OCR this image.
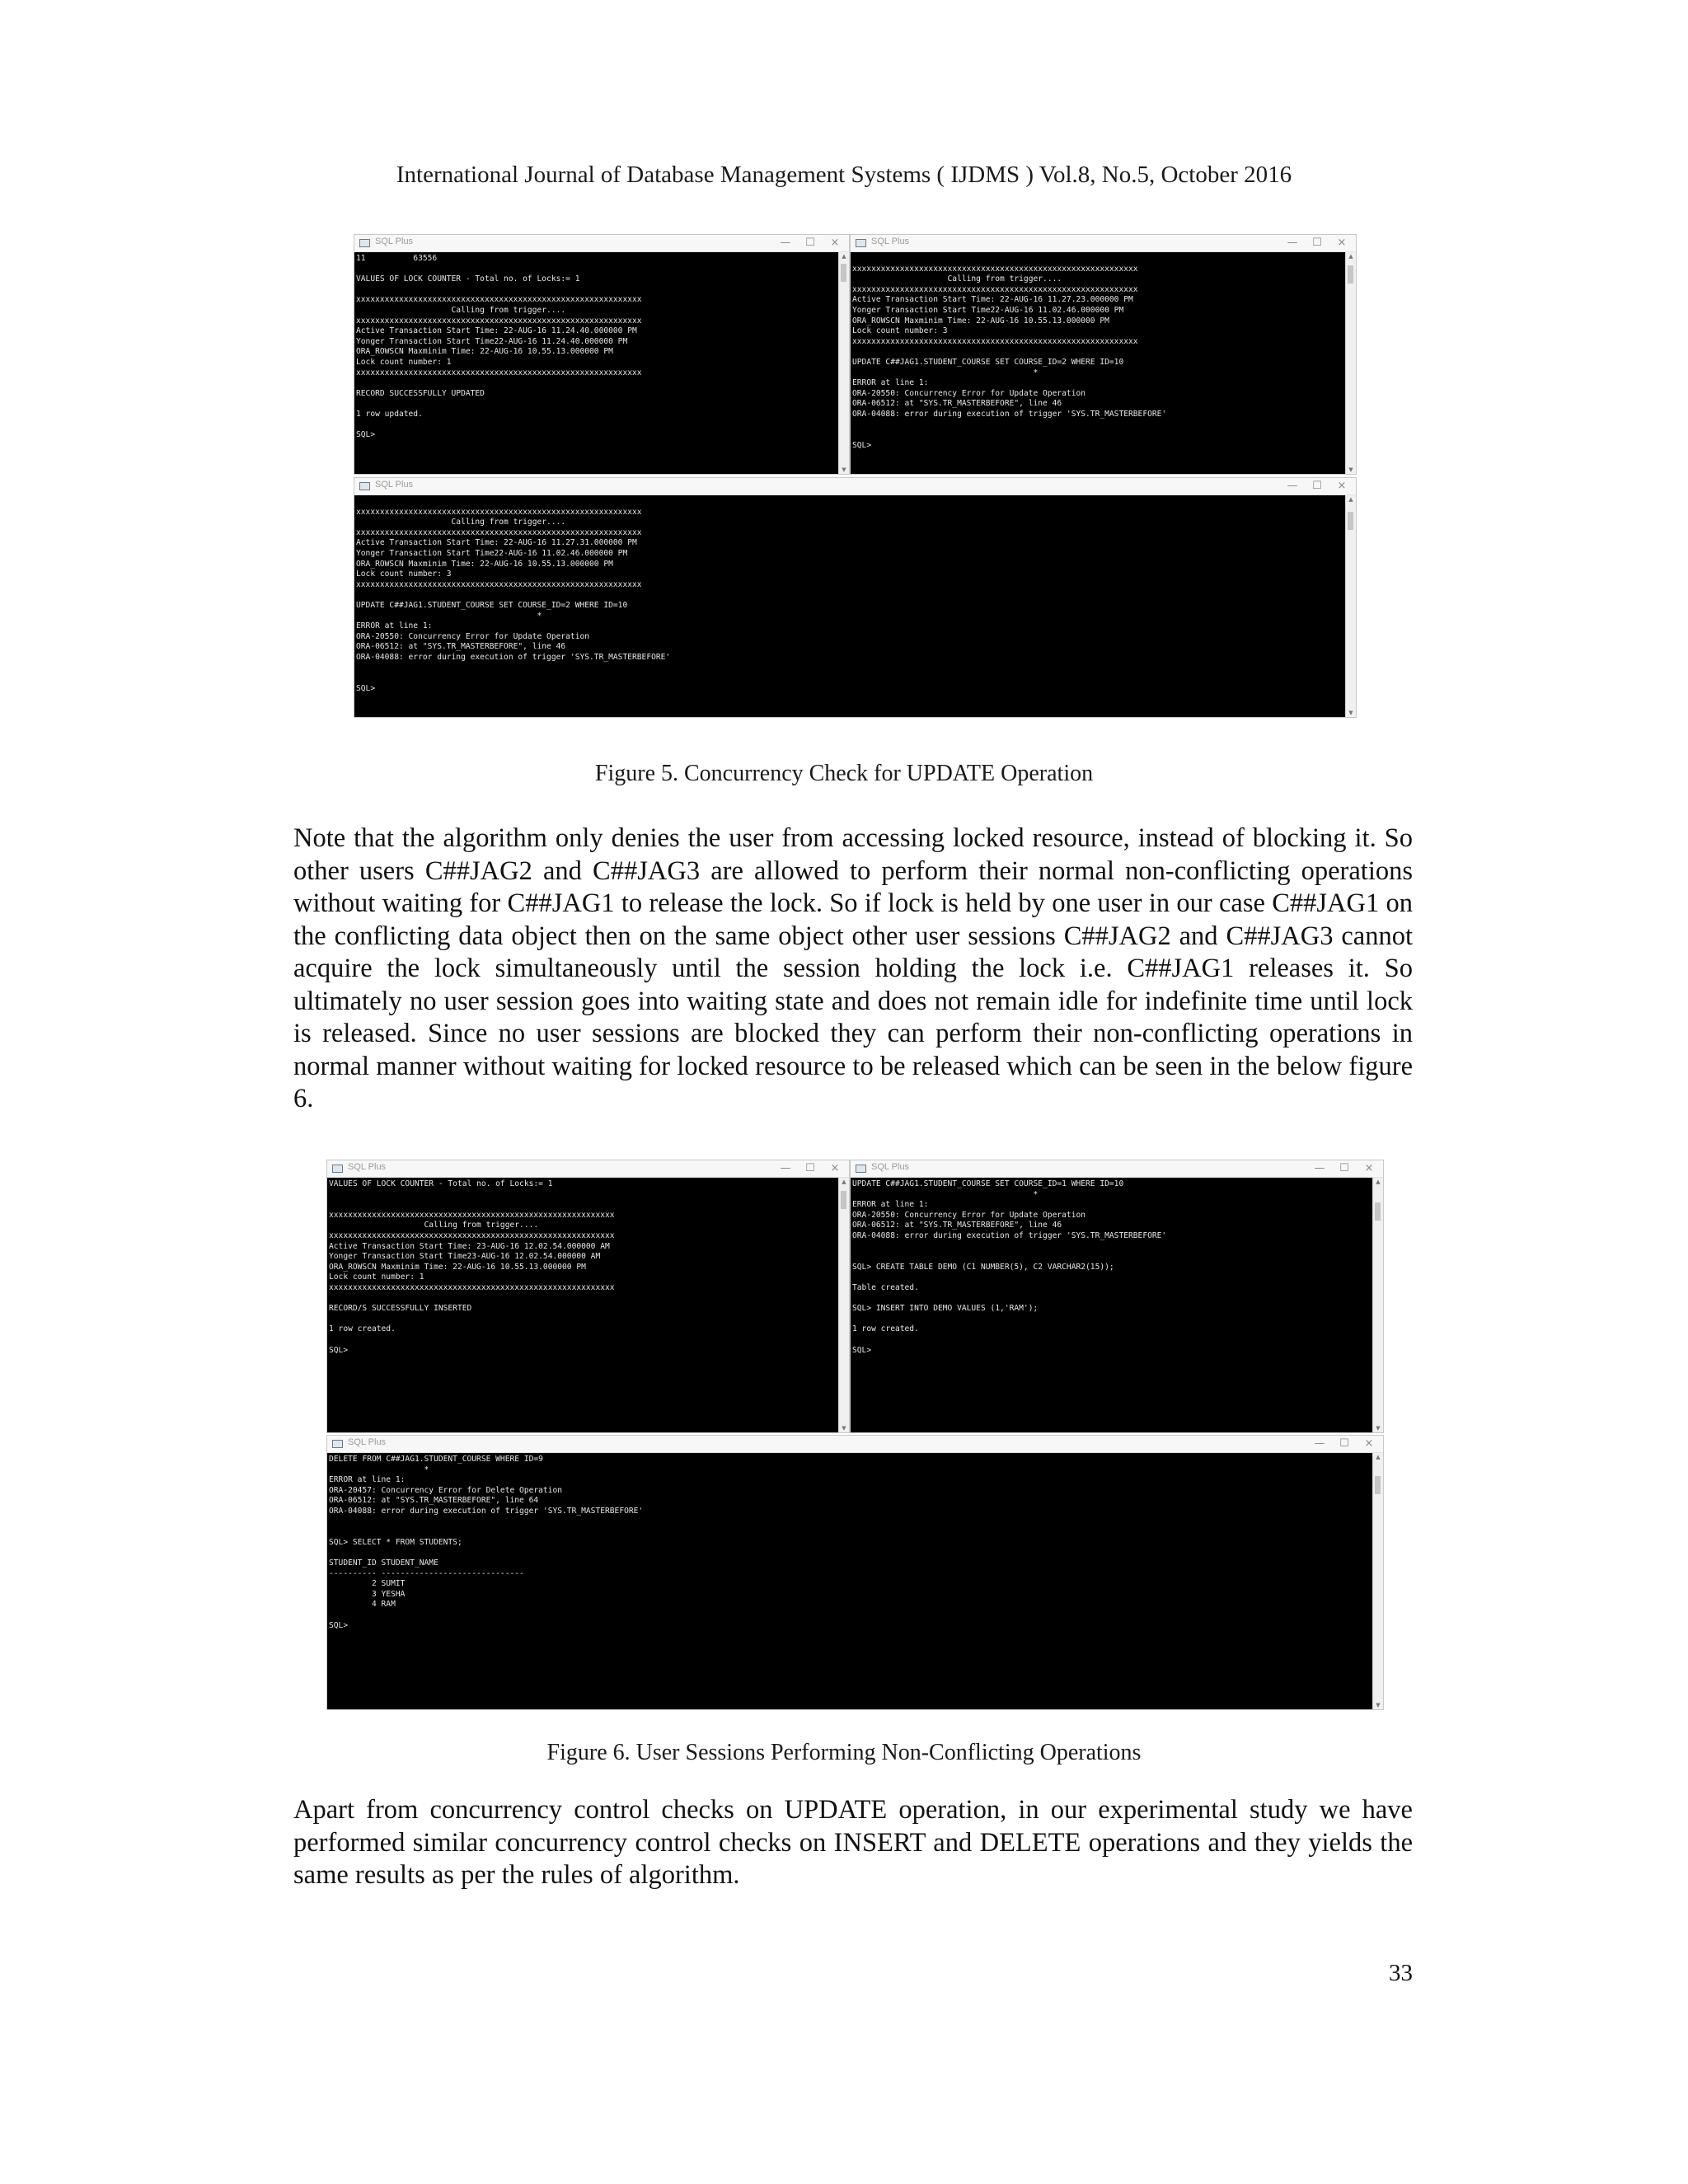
International Journal of Database Management Systems ( IJDMS ) Vol.8, No.5, October 2016
SQL Plus	—	☐	×
11          63556

VALUES OF LOCK COUNTER - Total no. of Locks:= 1

xxxxxxxxxxxxxxxxxxxxxxxxxxxxxxxxxxxxxxxxxxxxxxxxxxxxxxxxxxxx
Calling from trigger....
xxxxxxxxxxxxxxxxxxxxxxxxxxxxxxxxxxxxxxxxxxxxxxxxxxxxxxxxxxxx
Active Transaction Start Time: 22-AUG-16 11.24.40.000000 PM
Yonger Transaction Start Time22-AUG-16 11.24.40.000000 PM
ORA_ROWSCN Maxminim Time: 22-AUG-16 10.55.13.000000 PM
Lock count number: 1
xxxxxxxxxxxxxxxxxxxxxxxxxxxxxxxxxxxxxxxxxxxxxxxxxxxxxxxxxxxx

RECORD SUCCESSFULLY UPDATED

1 row updated.

SQL>
▲
▼
SQL Plus	—	☐	×

xxxxxxxxxxxxxxxxxxxxxxxxxxxxxxxxxxxxxxxxxxxxxxxxxxxxxxxxxxxx
Calling from trigger....
xxxxxxxxxxxxxxxxxxxxxxxxxxxxxxxxxxxxxxxxxxxxxxxxxxxxxxxxxxxx
Active Transaction Start Time: 22-AUG-16 11.27.23.000000 PM
Yonger Transaction Start Time22-AUG-16 11.02.46.000000 PM
ORA_ROWSCN Maxminim Time: 22-AUG-16 10.55.13.000000 PM
Lock count number: 3
xxxxxxxxxxxxxxxxxxxxxxxxxxxxxxxxxxxxxxxxxxxxxxxxxxxxxxxxxxxx

UPDATE C##JAG1.STUDENT_COURSE SET COURSE_ID=2 WHERE ID=10
*
ERROR at line 1:
ORA-20550: Concurrency Error for Update Operation
ORA-06512: at "SYS.TR_MASTERBEFORE", line 46
ORA-04088: error during execution of trigger 'SYS.TR_MASTERBEFORE'

SQL>
▲
▼
SQL Plus	—	☐	×

xxxxxxxxxxxxxxxxxxxxxxxxxxxxxxxxxxxxxxxxxxxxxxxxxxxxxxxxxxxx
Calling from trigger....
xxxxxxxxxxxxxxxxxxxxxxxxxxxxxxxxxxxxxxxxxxxxxxxxxxxxxxxxxxxx
Active Transaction Start Time: 22-AUG-16 11.27.31.000000 PM
Yonger Transaction Start Time22-AUG-16 11.02.46.000000 PM
ORA_ROWSCN Maxminim Time: 22-AUG-16 10.55.13.000000 PM
Lock count number: 3
xxxxxxxxxxxxxxxxxxxxxxxxxxxxxxxxxxxxxxxxxxxxxxxxxxxxxxxxxxxx

UPDATE C##JAG1.STUDENT_COURSE SET COURSE_ID=2 WHERE ID=10
*
ERROR at line 1:
ORA-20550: Concurrency Error for Update Operation
ORA-06512: at "SYS.TR_MASTERBEFORE", line 46
ORA-04088: error during execution of trigger 'SYS.TR_MASTERBEFORE'

SQL>
▲
▼
Figure 5. Concurrency Check for UPDATE Operation
Note that the algorithm only denies the user from accessing locked resource, instead of blocking it. So other users C##JAG2 and C##JAG3 are allowed to perform their normal non-conflicting operations without waiting for C##JAG1 to release the lock. So if lock is held by one user in our case C##JAG1 on the conflicting data object then on the same object other user sessions C##JAG2 and C##JAG3 cannot acquire the lock simultaneously until the session holding the lock i.e. C##JAG1 releases it. So ultimately no user session goes into waiting state and does not remain idle for indefinite time until lock is released. Since no user sessions are blocked they can perform their non-conflicting operations in normal manner without waiting for locked resource to be released which can be seen in the below figure 6.
SQL Plus	—	☐	×
VALUES OF LOCK COUNTER - Total no. of Locks:= 1

xxxxxxxxxxxxxxxxxxxxxxxxxxxxxxxxxxxxxxxxxxxxxxxxxxxxxxxxxxxx
Calling from trigger....
xxxxxxxxxxxxxxxxxxxxxxxxxxxxxxxxxxxxxxxxxxxxxxxxxxxxxxxxxxxx
Active Transaction Start Time: 23-AUG-16 12.02.54.000000 AM
Yonger Transaction Start Time23-AUG-16 12.02.54.000000 AM
ORA_ROWSCN Maxminim Time: 22-AUG-16 10.55.13.000000 PM
Lock count number: 1
xxxxxxxxxxxxxxxxxxxxxxxxxxxxxxxxxxxxxxxxxxxxxxxxxxxxxxxxxxxx

RECORD/S SUCCESSFULLY INSERTED

1 row created.

SQL>
▲
▼
SQL Plus	—	☐	×
UPDATE C##JAG1.STUDENT_COURSE SET COURSE_ID=1 WHERE ID=10
*
ERROR at line 1:
ORA-20550: Concurrency Error for Update Operation
ORA-06512: at "SYS.TR_MASTERBEFORE", line 46
ORA-04088: error during execution of trigger 'SYS.TR_MASTERBEFORE'

SQL> CREATE TABLE DEMO (C1 NUMBER(5), C2 VARCHAR2(15));

Table created.

SQL> INSERT INTO DEMO VALUES (1,'RAM');

1 row created.

SQL>
▲
▼
SQL Plus	—	☐	×
DELETE FROM C##JAG1.STUDENT_COURSE WHERE ID=9
*
ERROR at line 1:
ORA-20457: Concurrency Error for Delete Operation
ORA-06512: at "SYS.TR_MASTERBEFORE", line 64
ORA-04088: error during execution of trigger 'SYS.TR_MASTERBEFORE'

SQL> SELECT * FROM STUDENTS;

STUDENT_ID STUDENT_NAME
---------- ------------------------------
2 SUMIT
3 YESHA
4 RAM

SQL>
▲
▼
Figure 6. User Sessions Performing Non-Conflicting Operations
Apart from concurrency control checks on UPDATE operation, in our experimental study we have performed similar concurrency control checks on INSERT and DELETE operations and they yields the same results as per the rules of algorithm.
33
